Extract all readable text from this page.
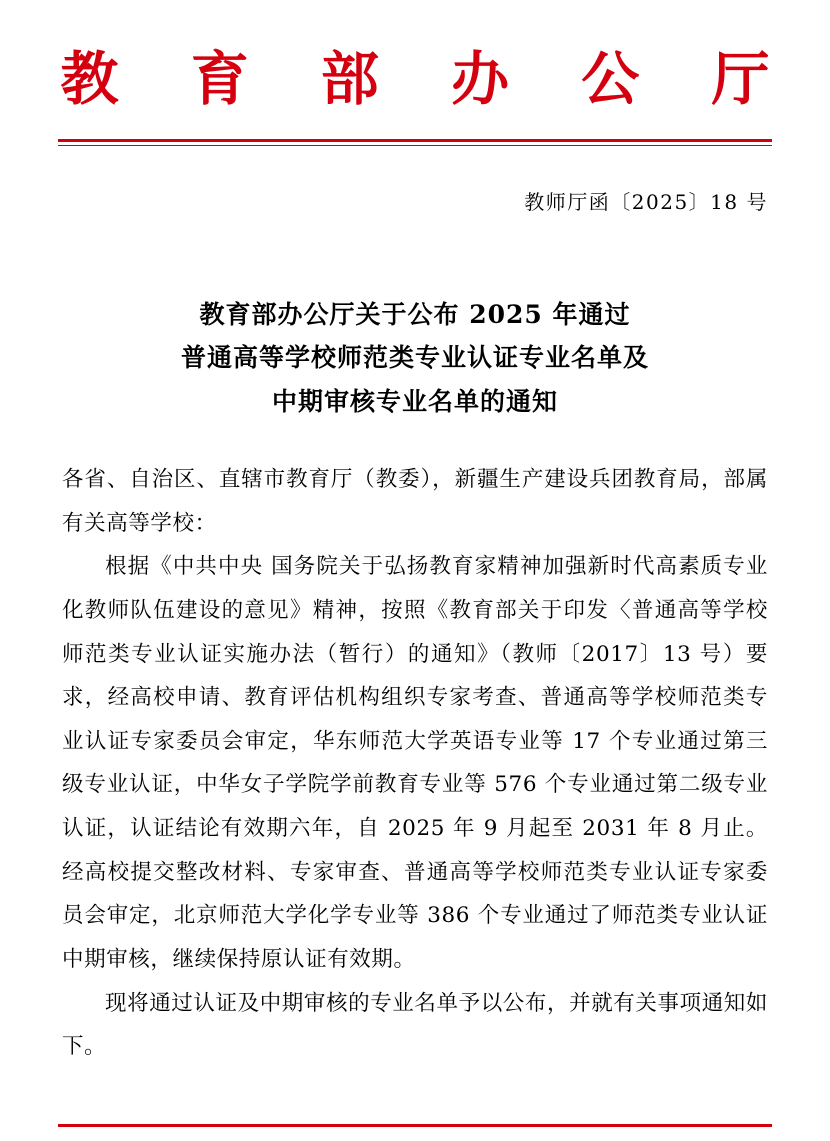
教 育 部 办 公 厅
教师厅函〔2025〕18 号
教育部办公厅关于公布 2025 年通过
普通高等学校师范类专业认证专业名单及
中期审核专业名单的通知

各省、自治区、直辖市教育厅（教委），新疆生产建设兵团教育局，部属有关高等学校：

根据《中共中央 国务院关于弘扬教育家精神加强新时代高素质专业化教师队伍建设的意见》精神，按照《教育部关于印发〈普通高等学校师范类专业认证实施办法（暂行）的通知》（教师〔2017〕13 号）要求，经高校申请、教育评估机构组织专家考查、普通高等学校师范类专业认证专家委员会审定，华东师范大学英语专业等 17 个专业通过第三级专业认证，中华女子学院学前教育专业等 576 个专业通过第二级专业认证，认证结论有效期六年，自 2025 年 9 月起至 2031 年 8 月止。经高校提交整改材料、专家审查、普通高等学校师范类专业认证专家委员会审定，北京师范大学化学专业等 386 个专业通过了师范类专业认证中期审核，继续保持原认证有效期。

现将通过认证及中期审核的专业名单予以公布，并就有关事项通知如下。
